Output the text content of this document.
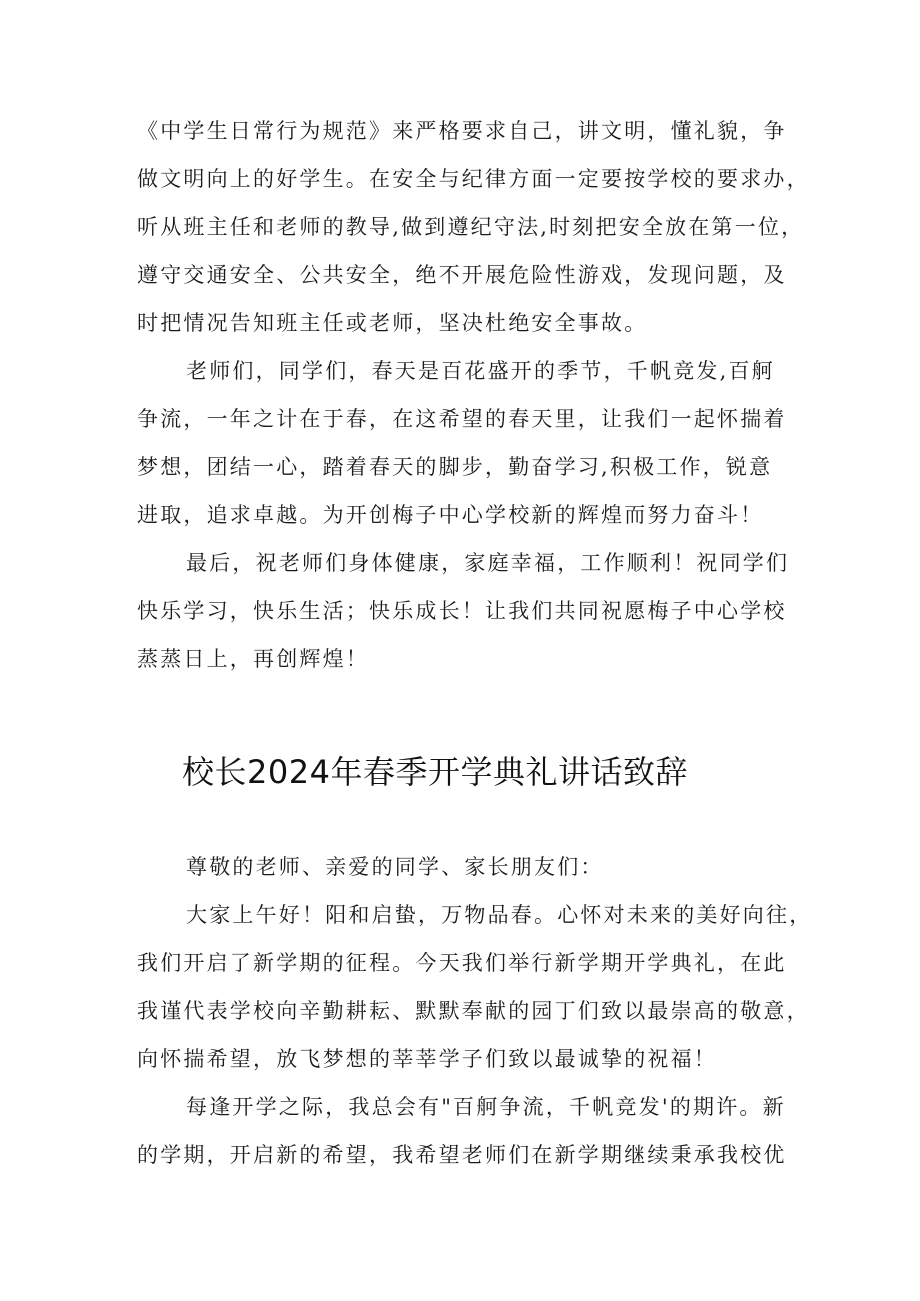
《中学生日常行为规范》来严格要求自己，讲文明，懂礼貌，争
做文明向上的好学生。在安全与纪律方面一定要按学校的要求办，
听从班主任和老师的教导,做到遵纪守法,时刻把安全放在第一位，
遵守交通安全、公共安全，绝不开展危险性游戏，发现问题，及
时把情况告知班主任或老师，坚决杜绝安全事故。
老师们，同学们，春天是百花盛开的季节，千帆竞发,百舸
争流，一年之计在于春，在这希望的春天里，让我们一起怀揣着
梦想，团结一心，踏着春天的脚步，勤奋学习,积极工作，锐意
进取，追求卓越。为开创梅子中心学校新的辉煌而努力奋斗！
最后，祝老师们身体健康，家庭幸福，工作顺利！祝同学们
快乐学习，快乐生活；快乐成长！让我们共同祝愿梅子中心学校
蒸蒸日上，再创辉煌！
校长2024年春季开学典礼讲话致辞
尊敬的老师、亲爱的同学、家长朋友们：
大家上午好！阳和启蛰，万物品春。心怀对未来的美好向往，
我们开启了新学期的征程。今天我们举行新学期开学典礼，在此
我谨代表学校向辛勤耕耘、默默奉献的园丁们致以最崇高的敬意，
向怀揣希望，放飞梦想的莘莘学子们致以最诚挚的祝福！
每逢开学之际，我总会有"百舸争流，千帆竞发'的期许。新
的学期，开启新的希望，我希望老师们在新学期继续秉承我校优
